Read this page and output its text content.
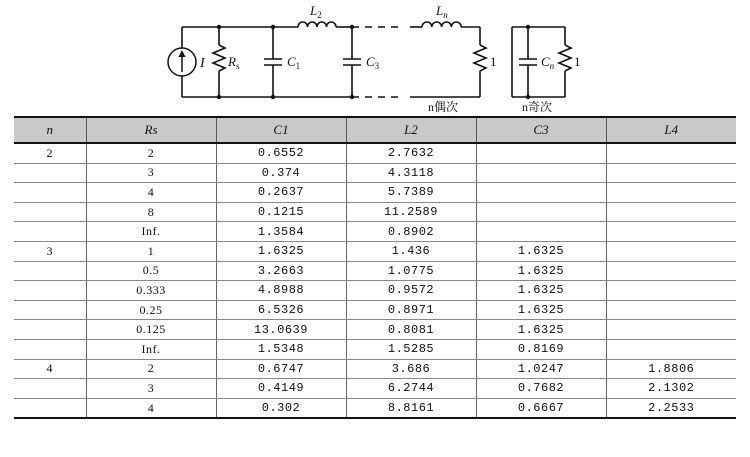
I $R_s$	$C_1$
$L_2$
$C_3$
$L_n$
1	$C_n$ 1
n偶次	n奇次
n	Rs	C1	L2	C3	L4
2	2	0.6552	2.7632		
	3	0.374	4.3118		
	4	0.2637	5.7389		
	8	0.1215	11.2589		
	Inf.	1.3584	0.8902		
3	1	1.6325	1.436	1.6325	
	0.5	3.2663	1.0775	1.6325	
	0.333	4.8988	0.9572	1.6325	
	0.25	6.5326	0.8971	1.6325	
	0.125	13.0639	0.8081	1.6325	
	Inf.	1.5348	1.5285	0.8169	
4	2	0.6747	3.686	1.0247	1.8806
	3	0.4149	6.2744	0.7682	2.1302
	4	0.302	8.8161	0.6667	2.2533
